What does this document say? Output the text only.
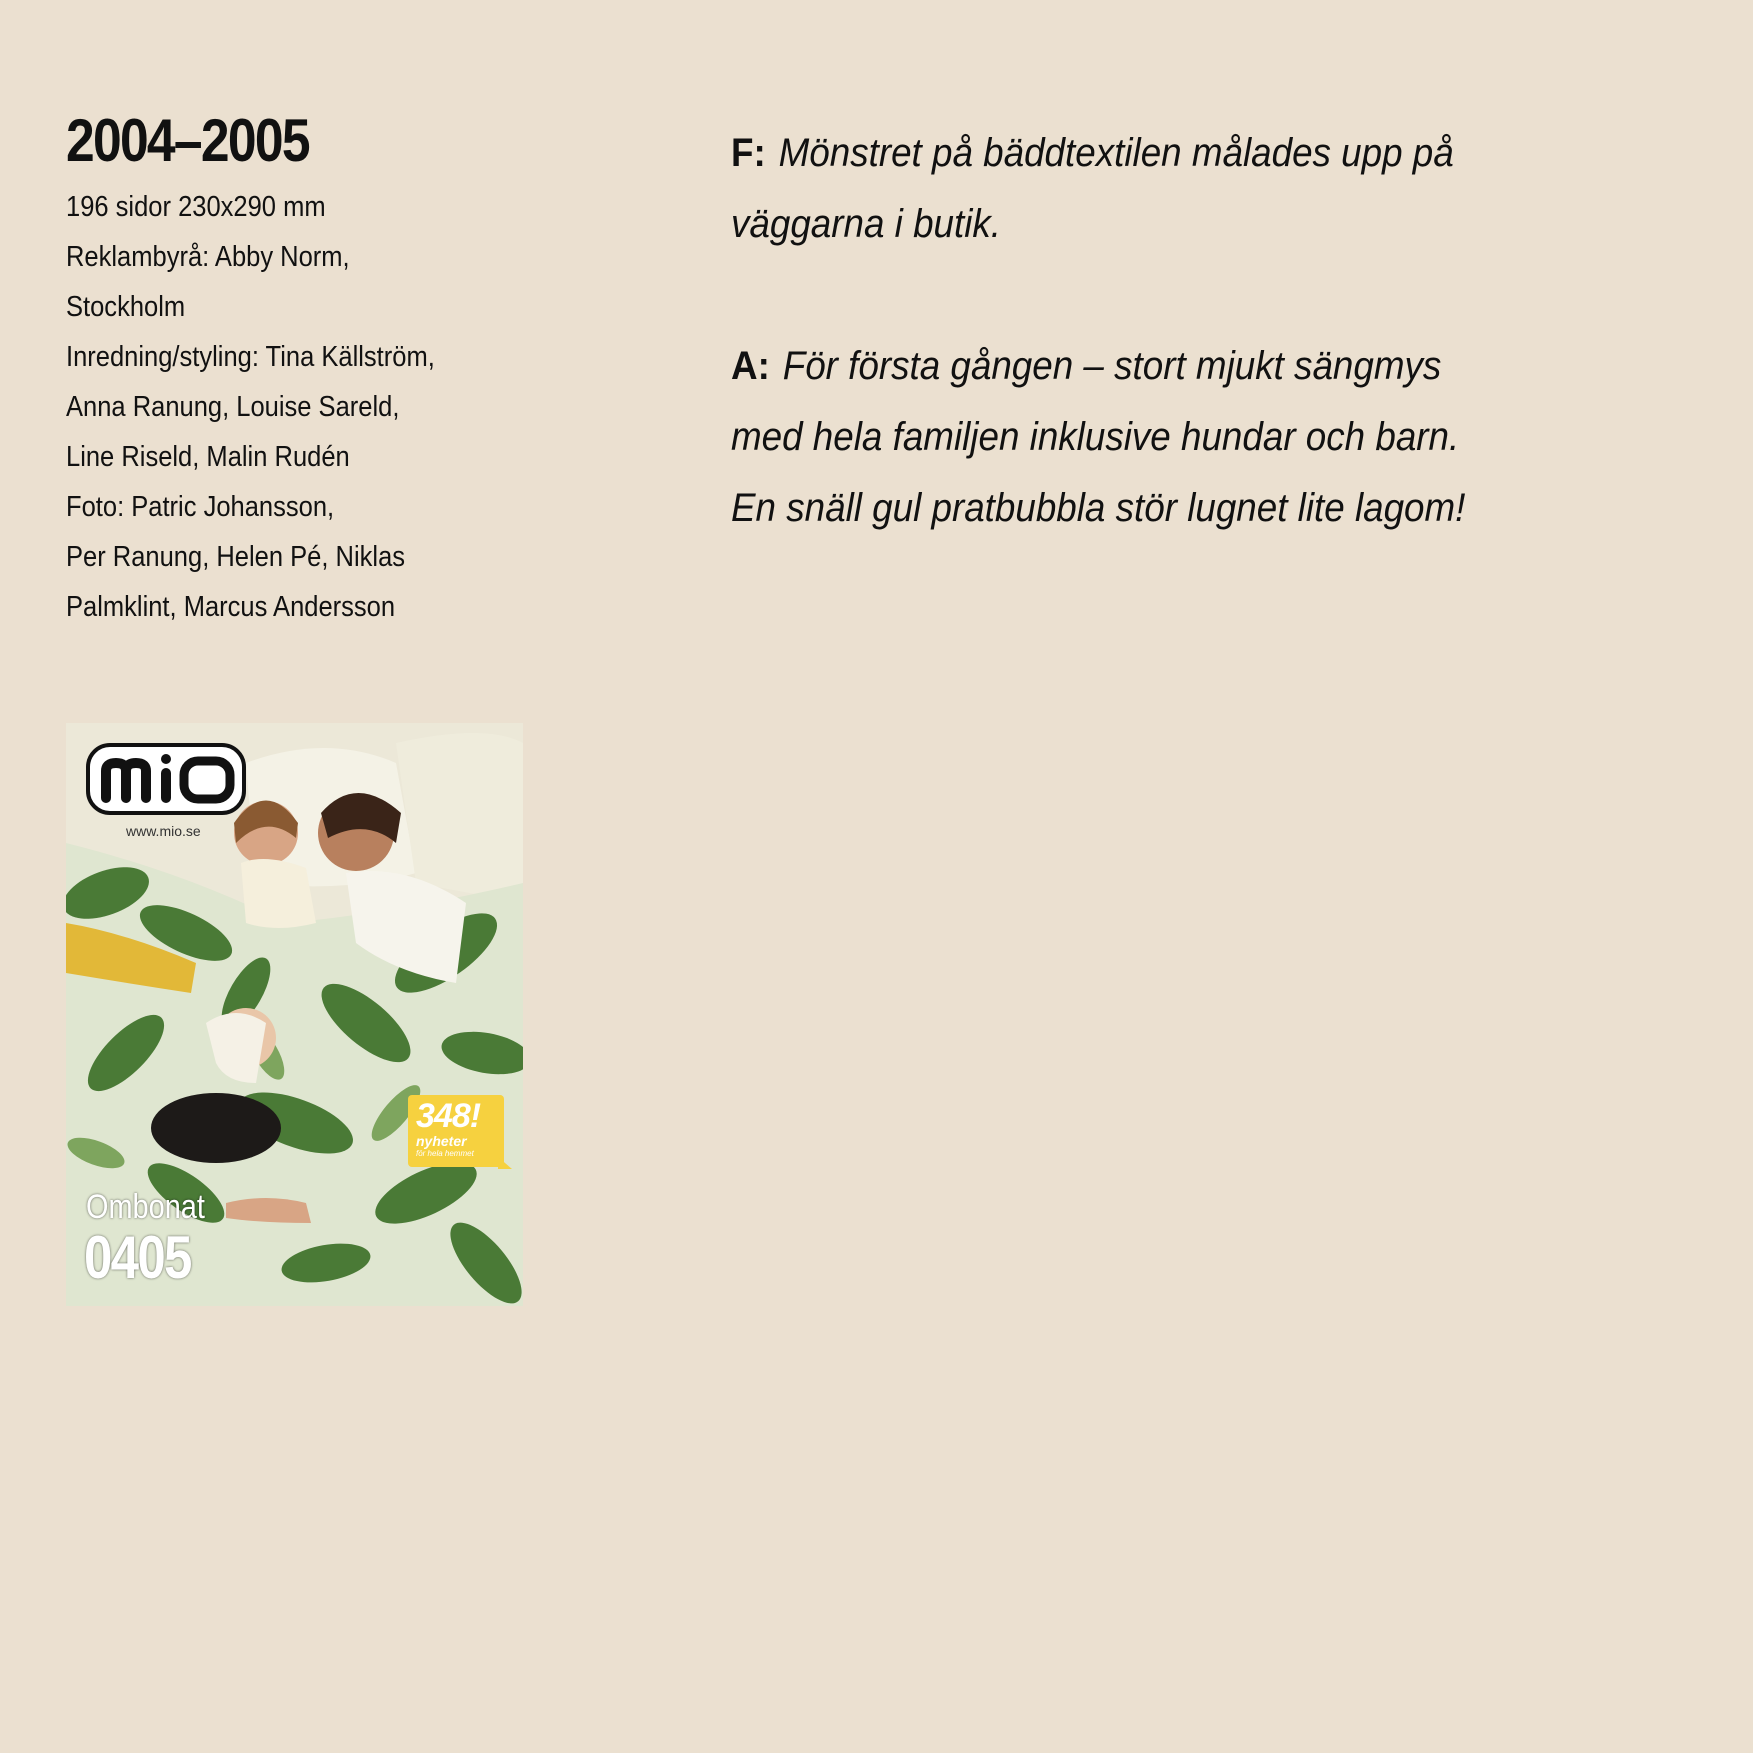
2004–2005
196 sidor 230x290 mm
Reklambyrå: Abby Norm,
Stockholm
Inredning/styling: Tina Källström,
Anna Ranung, Louise Sareld,
Line Riseld, Malin Rudén
Foto: Patric Johansson,
Per Ranung, Helen Pé, Niklas
Palmklint, Marcus Andersson
F: Mönstret på bäddtextilen målades upp på
väggarna i butik.
A: För första gången – stort mjukt sängmys
med hela familjen inklusive hundar och barn.
En snäll gul pratbubbla stör lugnet lite lagom!
www.mio.se
348!
nyheter
för hela hemmet
Ombonat
0405
